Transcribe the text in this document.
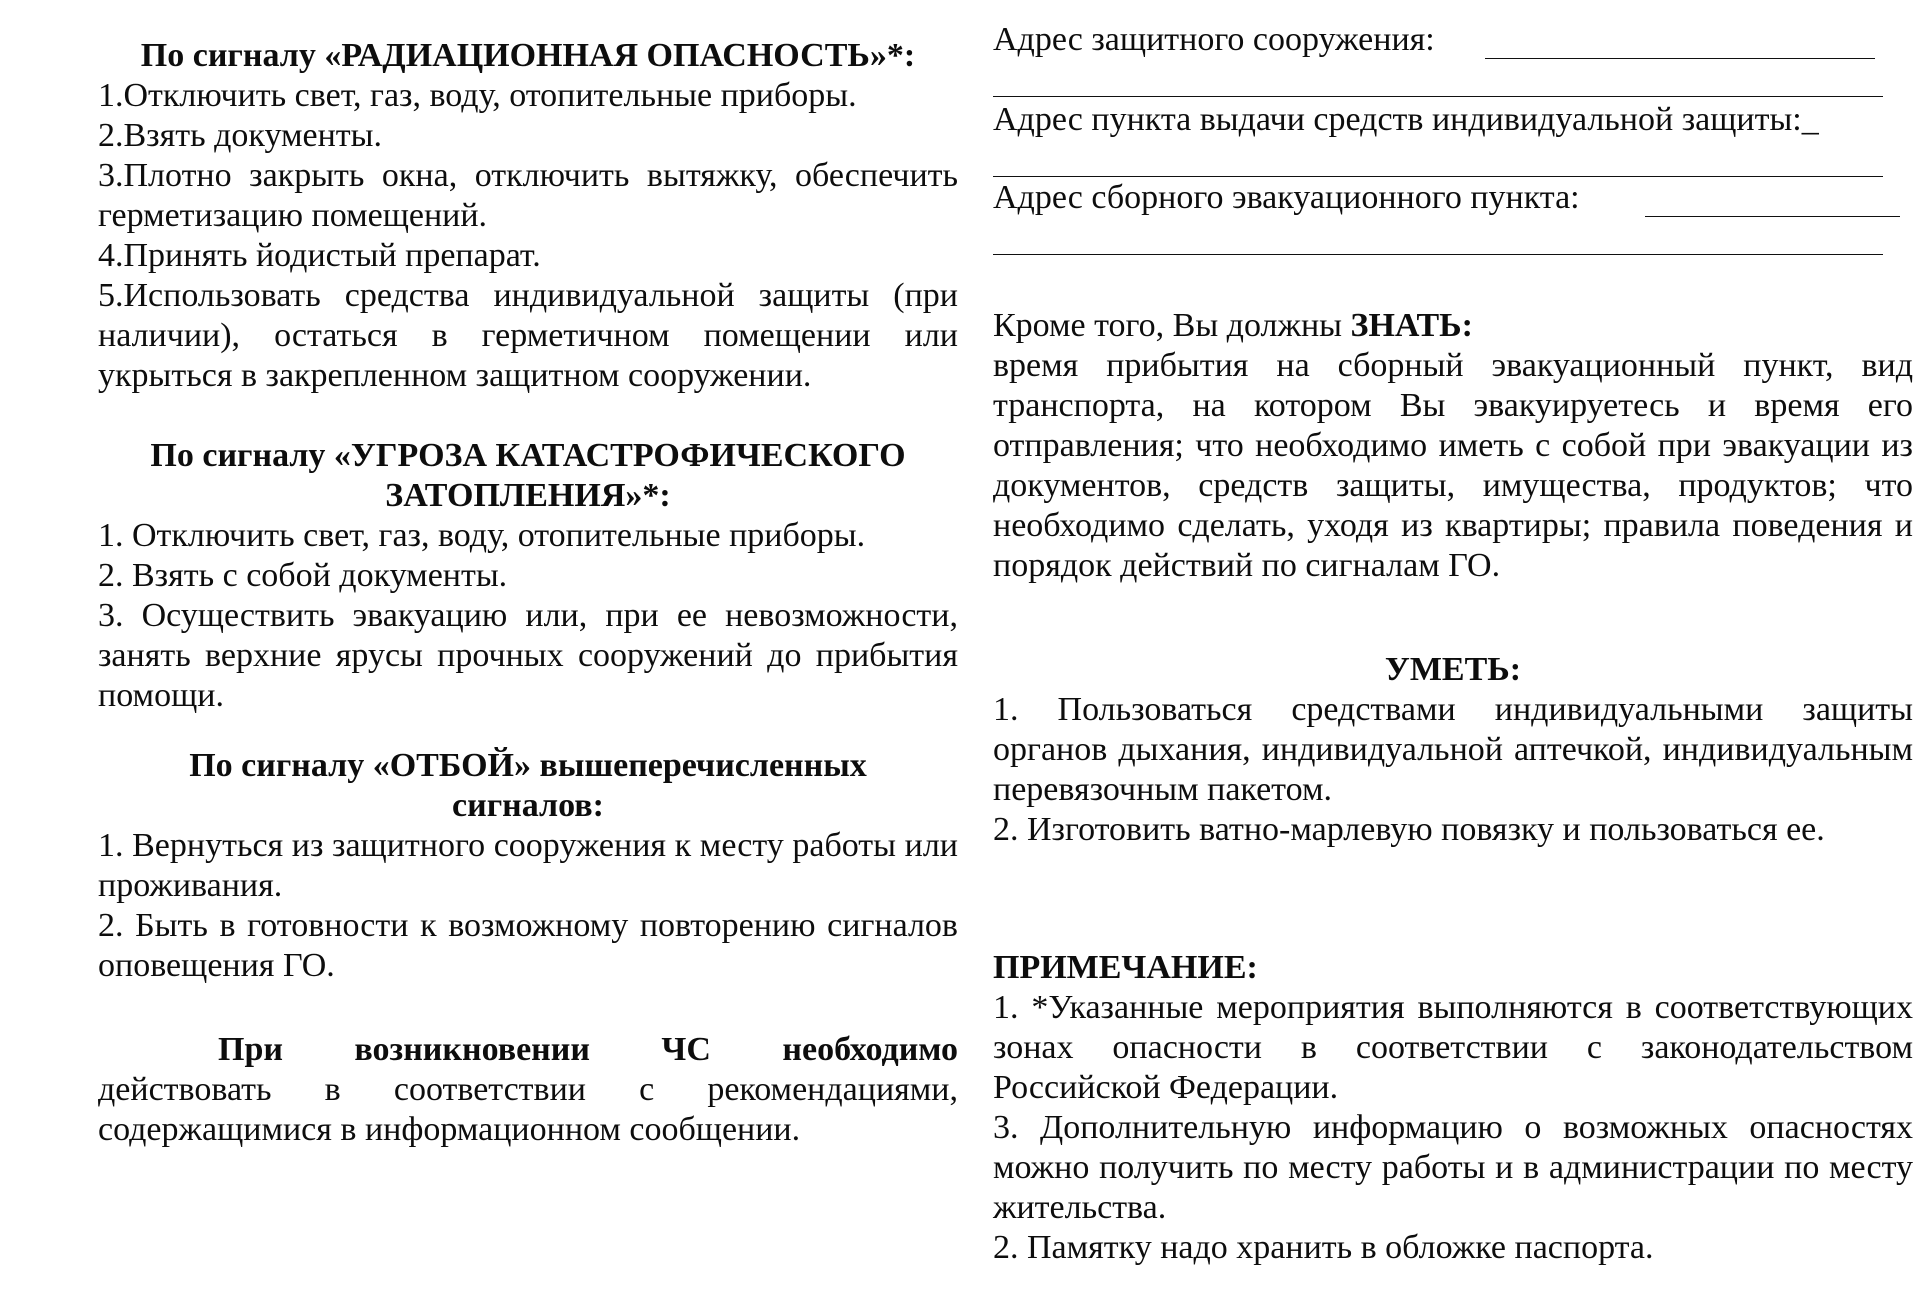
По сигналу «РАДИАЦИОННАЯ ОПАСНОСТЬ»*:

1.Отключить свет, газ, воду, отопительные приборы.

2.Взять документы.

3.Плотно закрыть окна, отключить вытяжку, обеспечить герметизацию помещений.

4.Принять йодистый препарат.

5.Использовать средства индивидуальной защиты (при наличии), остаться в герметичном помещении или укрыться в закрепленном защитном сооружении.

По сигналу «УГРОЗА КАТАСТРОФИЧЕСКОГО

ЗАТОПЛЕНИЯ»*:

1. Отключить свет, газ, воду, отопительные приборы.

2. Взять с собой документы.

3. Осуществить эвакуацию или, при ее невозможности, занять верхние ярусы прочных сооружений до прибытия помощи.

По сигналу «ОТБОЙ» вышеперечисленных

сигналов:

1. Вернуться из защитного сооружения к месту работы или проживания.

2. Быть в готовности к возможному повторению сигналов оповещения ГО.

При возникновении ЧС необходимо
действовать в соответствии с рекомендациями, содержащимися в информационном сообщении.

Адрес защитного сооружения:
Адрес пункта выдачи средств индивидуальной защиты:_
Адрес сборного эвакуационного пункта:

Кроме того, Вы должны ЗНАТЬ:

время прибытия на сборный эвакуационный пункт, вид транспорта, на котором Вы эвакуируетесь и время его отправления; что необходимо иметь с собой при эвакуации из документов, средств защиты, имущества, продуктов; что необходимо сделать, уходя из квартиры; правила поведения и порядок действий по сигналам ГО.

УМЕТЬ:

1. Пользоваться средствами индивидуальными защиты органов дыхания, индивидуальной аптечкой, индивидуальным перевязочным пакетом.

2. Изготовить ватно-марлевую повязку и пользоваться ее.

ПРИМЕЧАНИЕ:

1. *Указанные мероприятия выполняются в соответствующих зонах опасности в соответствии с законодательством Российской Федерации.

3. Дополнительную информацию о возможных опасностях можно получить по месту работы и в администрации по месту жительства.

2. Памятку надо хранить в обложке паспорта.
